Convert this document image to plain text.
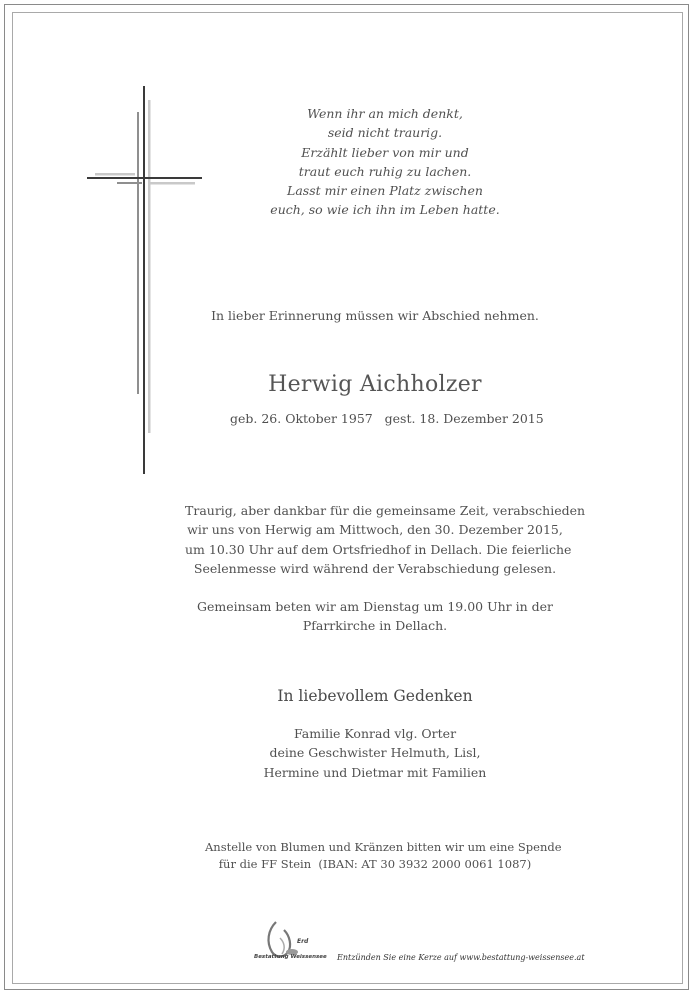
Wenn ihr an mich denkt,
seid nicht traurig.
Erzählt lieber von mir und
traut euch ruhig zu lachen.
Lasst mir einen Platz zwischen
euch, so wie ich ihn im Leben hatte.
In lieber Erinnerung müssen wir Abschied nehmen.
Herwig Aichholzer
geb. 26. Oktober 1957   gest. 18. Dezember 2015
Traurig, aber dankbar für die gemeinsame Zeit, verabschieden
wir uns von Herwig am Mittwoch, den 30. Dezember 2015,
um 10.30 Uhr auf dem Ortsfriedhof in Dellach. Die feierliche
Seelenmesse wird während der Verabschiedung gelesen.
Gemeinsam beten wir am Dienstag um 19.00 Uhr in der
Pfarrkirche in Dellach.
In liebevollem Gedenken
Familie Konrad vlg. Orter
deine Geschwister Helmuth, Lisl,
Hermine und Dietmar mit Familien
Anstelle von Blumen und Kränzen bitten wir um eine Spende
für die FF Stein  (IBAN: AT 30 3932 2000 0061 1087)
Erd
Bestattung Weissensee Entzünden Sie eine Kerze auf www.bestattung-weissensee.at
